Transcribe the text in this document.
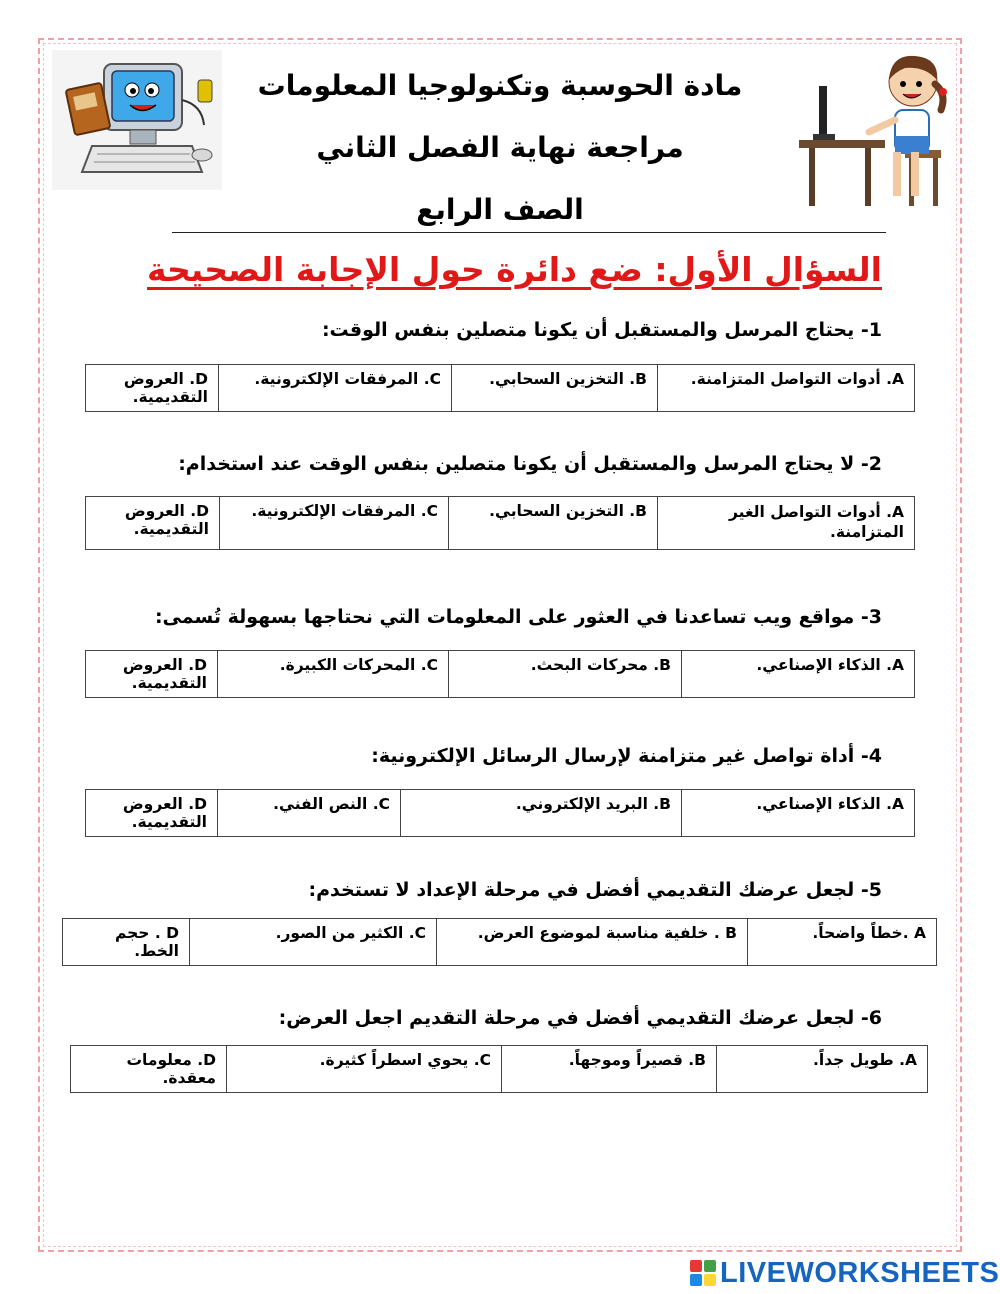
مادة الحوسبة وتكنولوجيا المعلومات
مراجعة نهاية الفصل الثاني
الصف الرابع
السؤال الأول: ضع دائرة حول الإجابة الصحيحة
1- يحتاج المرسل والمستقبل أن يكونا متصلين بنفس الوقت:
A. أدوات التواصل المتزامنة.	B. التخزين السحابي.	C. المرفقات الإلكترونية.	D. العروض التقديمية.
2- لا يحتاج المرسل والمستقبل أن يكونا متصلين بنفس الوقت عند استخدام:
A. أدوات التواصل الغير المتزامنة.	B. التخزين السحابي.	C. المرفقات الإلكترونية.	D. العروض التقديمية.
3- مواقع ويب تساعدنا في العثور على المعلومات التي نحتاجها بسهولة تُسمى:
A. الذكاء الإصناعي.	B. محركات البحث.	C. المحركات الكبيرة.	D. العروض التقديمية.
4- أداة تواصل غير متزامنة لإرسال الرسائل الإلكترونية:
A. الذكاء الإصناعي.	B. البريد الإلكتروني.	C. النص الفني.	D. العروض التقديمية.
5- لجعل عرضك التقديمي أفضل في مرحلة الإعداد لا تستخدم:
A .خطاً واضحاً.	B . خلفية مناسبة لموضوع العرض.	C. الكثير من الصور.	D . حجم الخط.
6- لجعل عرضك التقديمي أفضل في مرحلة التقديم اجعل العرض:
A. طويل جداً.	B. قصيراً وموجهاً.	C. يحوي اسطراً كثيرة.	D. معلومات معقدة.
LIVEWORKSHEETS
